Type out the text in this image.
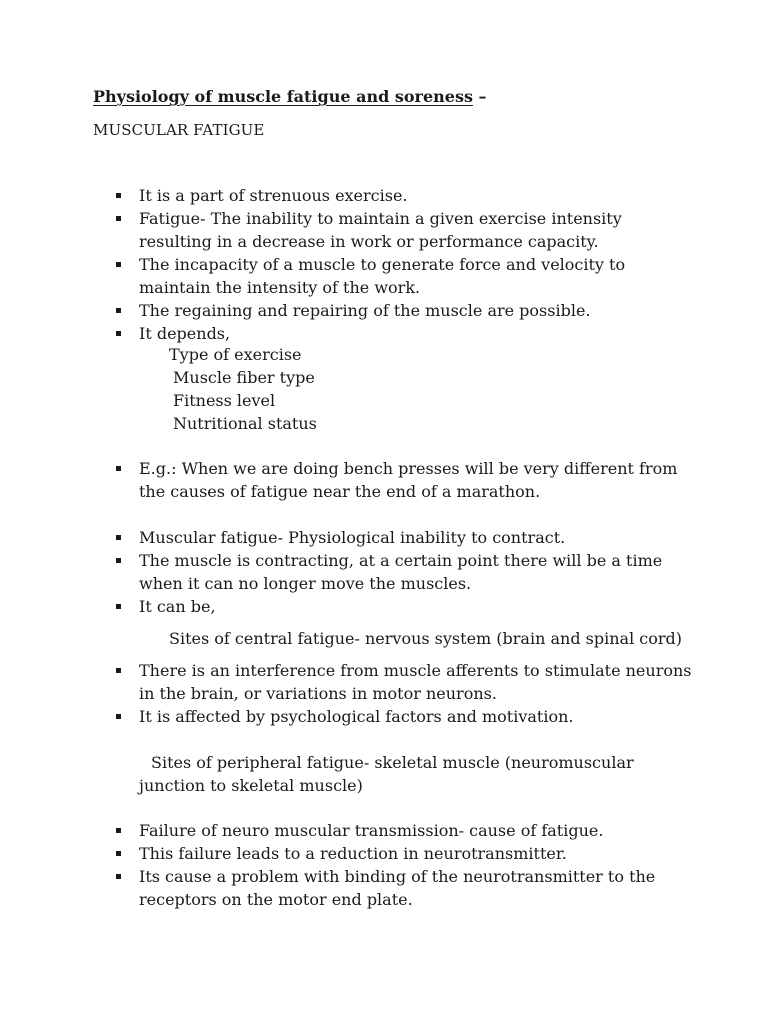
Physiology of muscle fatigue and soreness –
MUSCULAR FATIGUE
It is a part of strenuous exercise.
Fatigue- The inability to maintain a given exercise intensity resulting in a decrease in work or performance capacity.
The incapacity of a muscle to generate force and velocity to maintain the intensity of the work.
The regaining and repairing of the muscle are possible.
It depends,
Type of exercise
Muscle fiber type
Fitness level
Nutritional status
E.g.: When we are doing bench presses will be very different from the causes of fatigue near the end of a marathon.
Muscular fatigue- Physiological inability to contract.
The muscle is contracting, at a certain point there will be a time when it can no longer move the muscles.
It can be,
Sites of central fatigue- nervous system (brain and spinal cord)
There is an interference from muscle afferents to stimulate neurons in the brain, or variations in motor neurons.
It is affected by psychological factors and motivation.
Sites of peripheral fatigue- skeletal muscle (neuromuscular junction to skeletal muscle)
Failure of neuro muscular transmission- cause of fatigue.
This failure leads to a reduction in neurotransmitter.
Its cause a problem with binding of the neurotransmitter to the receptors on the motor end plate.
